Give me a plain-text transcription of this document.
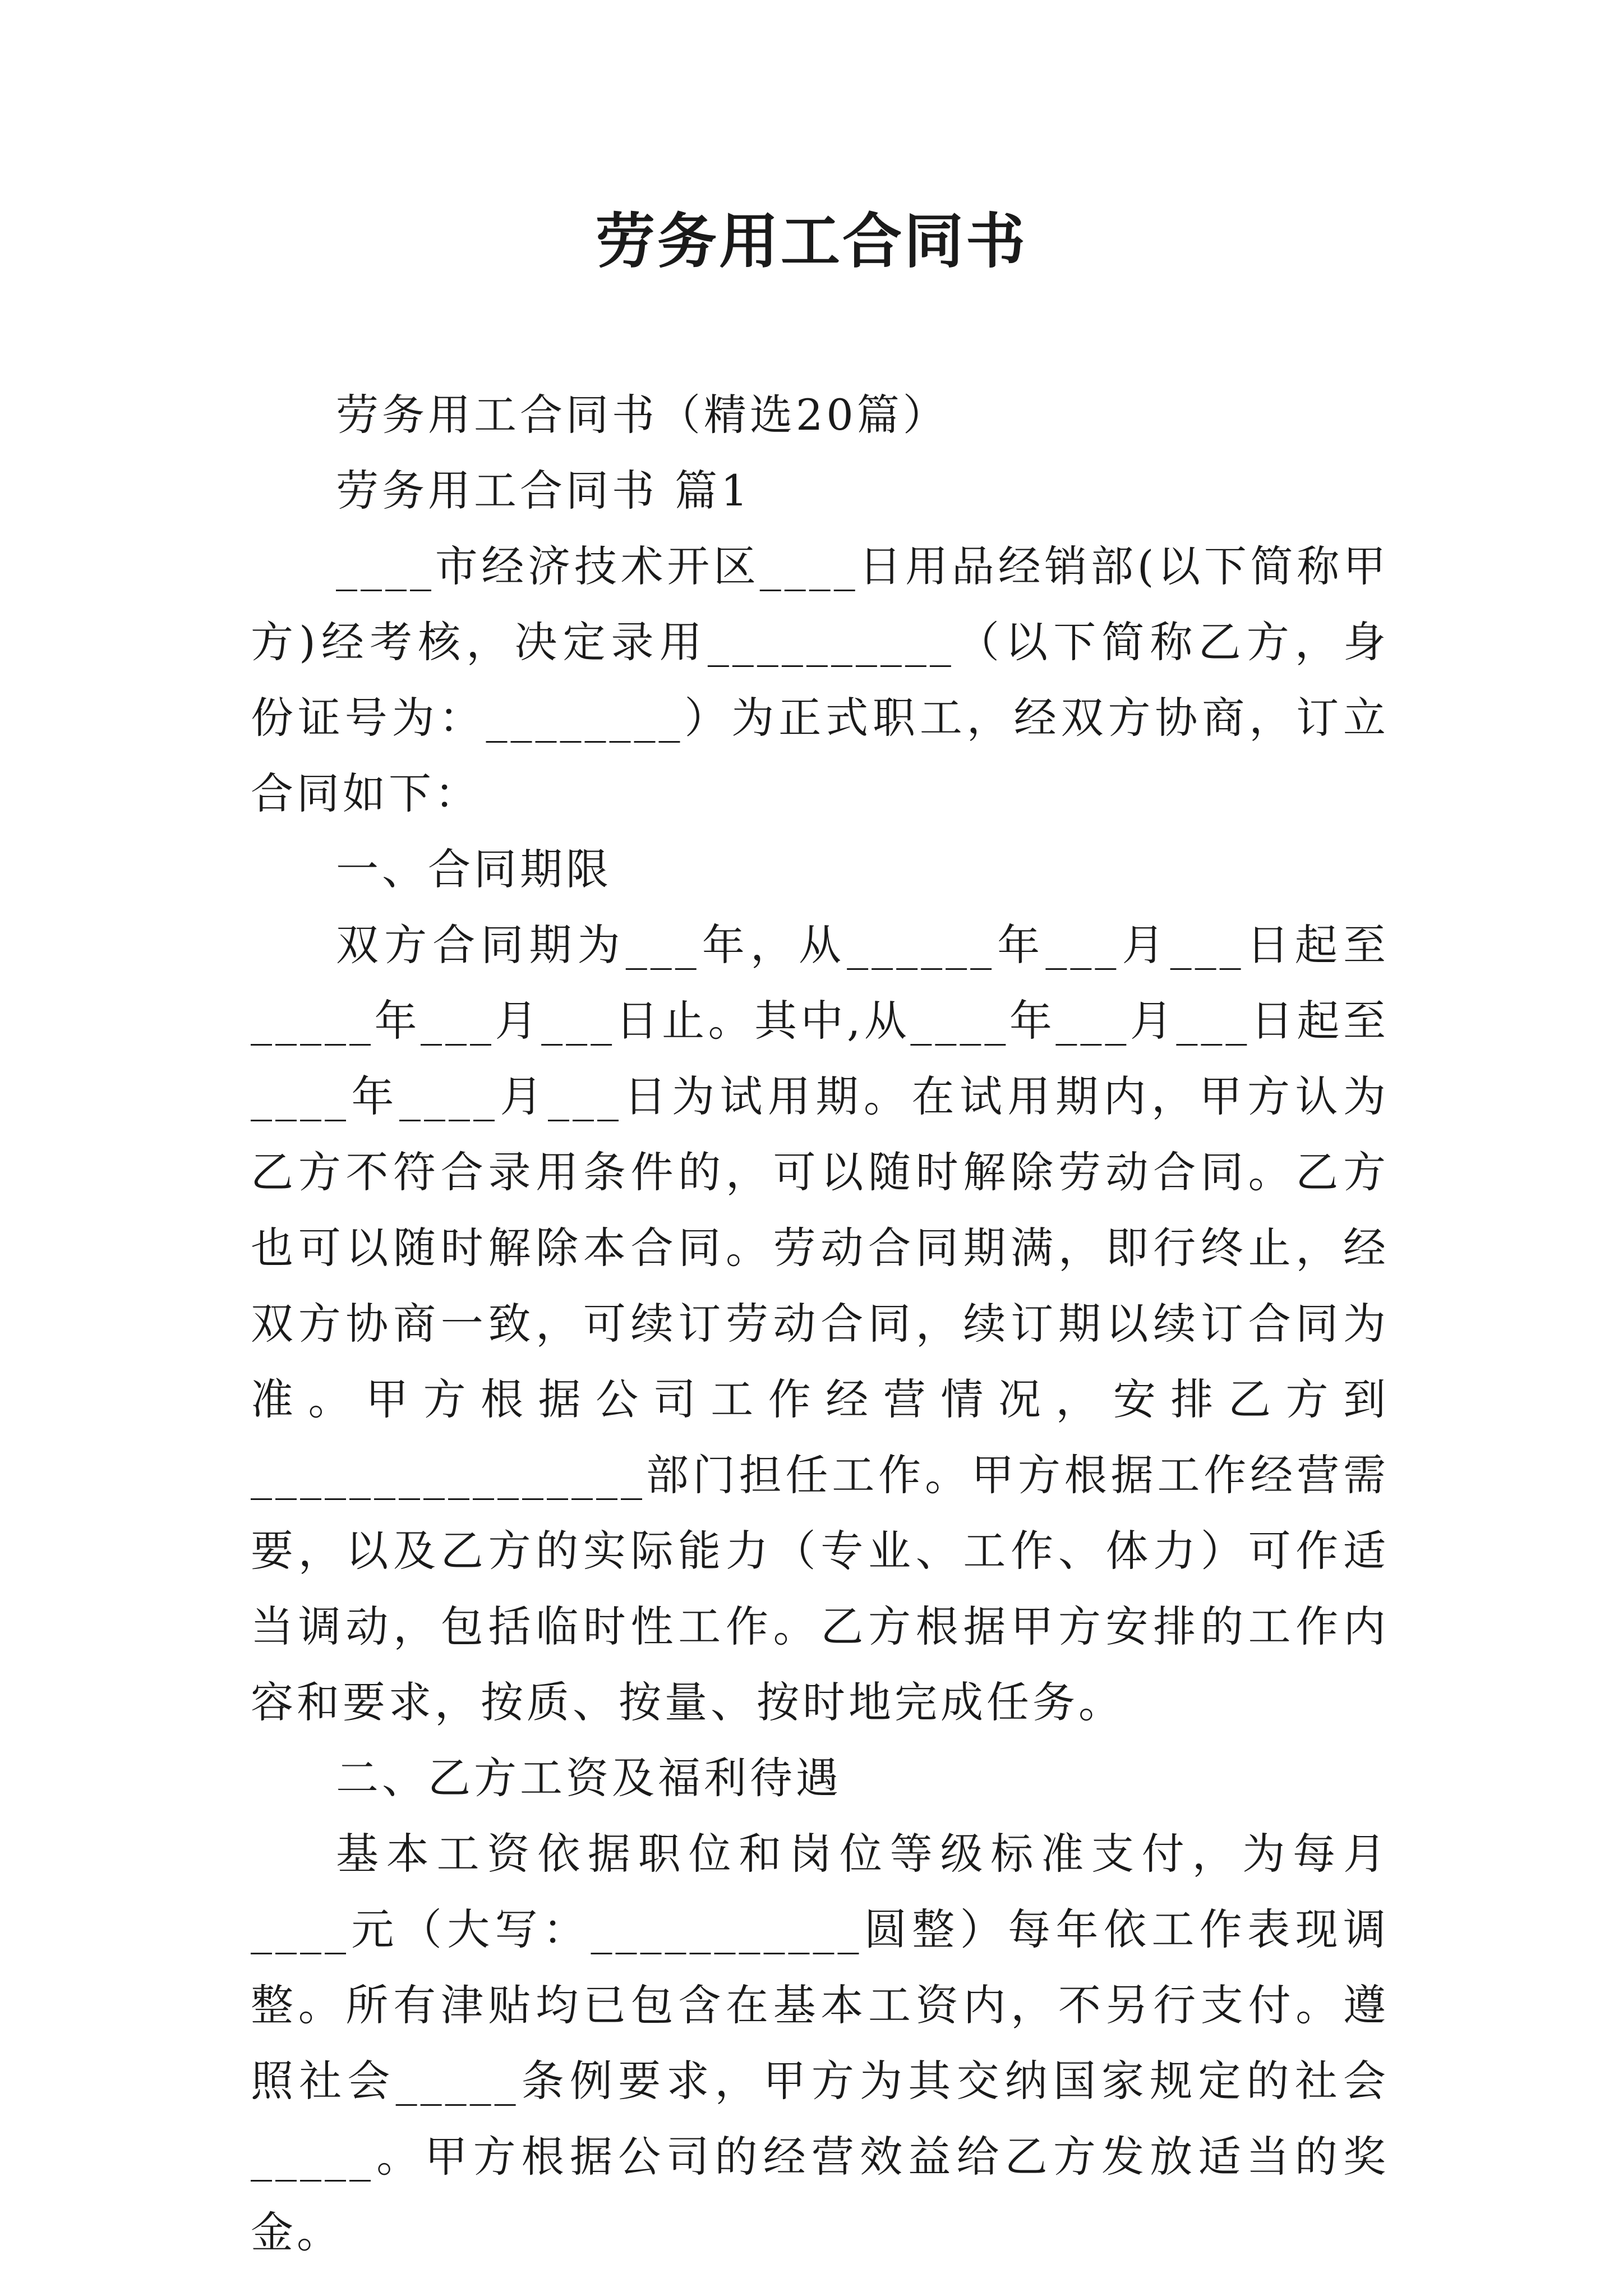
劳务用工合同书

劳务用工合同书（精选20篇）

劳务用工合同书 篇1

____市经济技术开区____日用品经销部(以下简称甲方)经考核，决定录用__________（以下简称乙方，身份证号为：________）为正式职工，经双方协商，订立合同如下：

一、合同期限

双方合同期为___年，从______年___月___日起至_____年___月___日止。其中,从____年___月___日起至____年____月___日为试用期。在试用期内，甲方认为乙方不符合录用条件的，可以随时解除劳动合同。乙方也可以随时解除本合同。劳动合同期满，即行终止，经双方协商一致，可续订劳动合同，续订期以续订合同为准。甲方根据公司工作经营情况，安排乙方到________________部门担任工作。甲方根据工作经营需要，以及乙方的实际能力（专业、工作、体力）可作适当调动，包括临时性工作。乙方根据甲方安排的工作内容和要求，按质、按量、按时地完成任务。

二、乙方工资及福利待遇

基本工资依据职位和岗位等级标准支付，为每月____元（大写：___________圆整）每年依工作表现调整。所有津贴均已包含在基本工资内，不另行支付。遵照社会_____条例要求，甲方为其交纳国家规定的社会_____。甲方根据公司的经营效益给乙方发放适当的奖金。
